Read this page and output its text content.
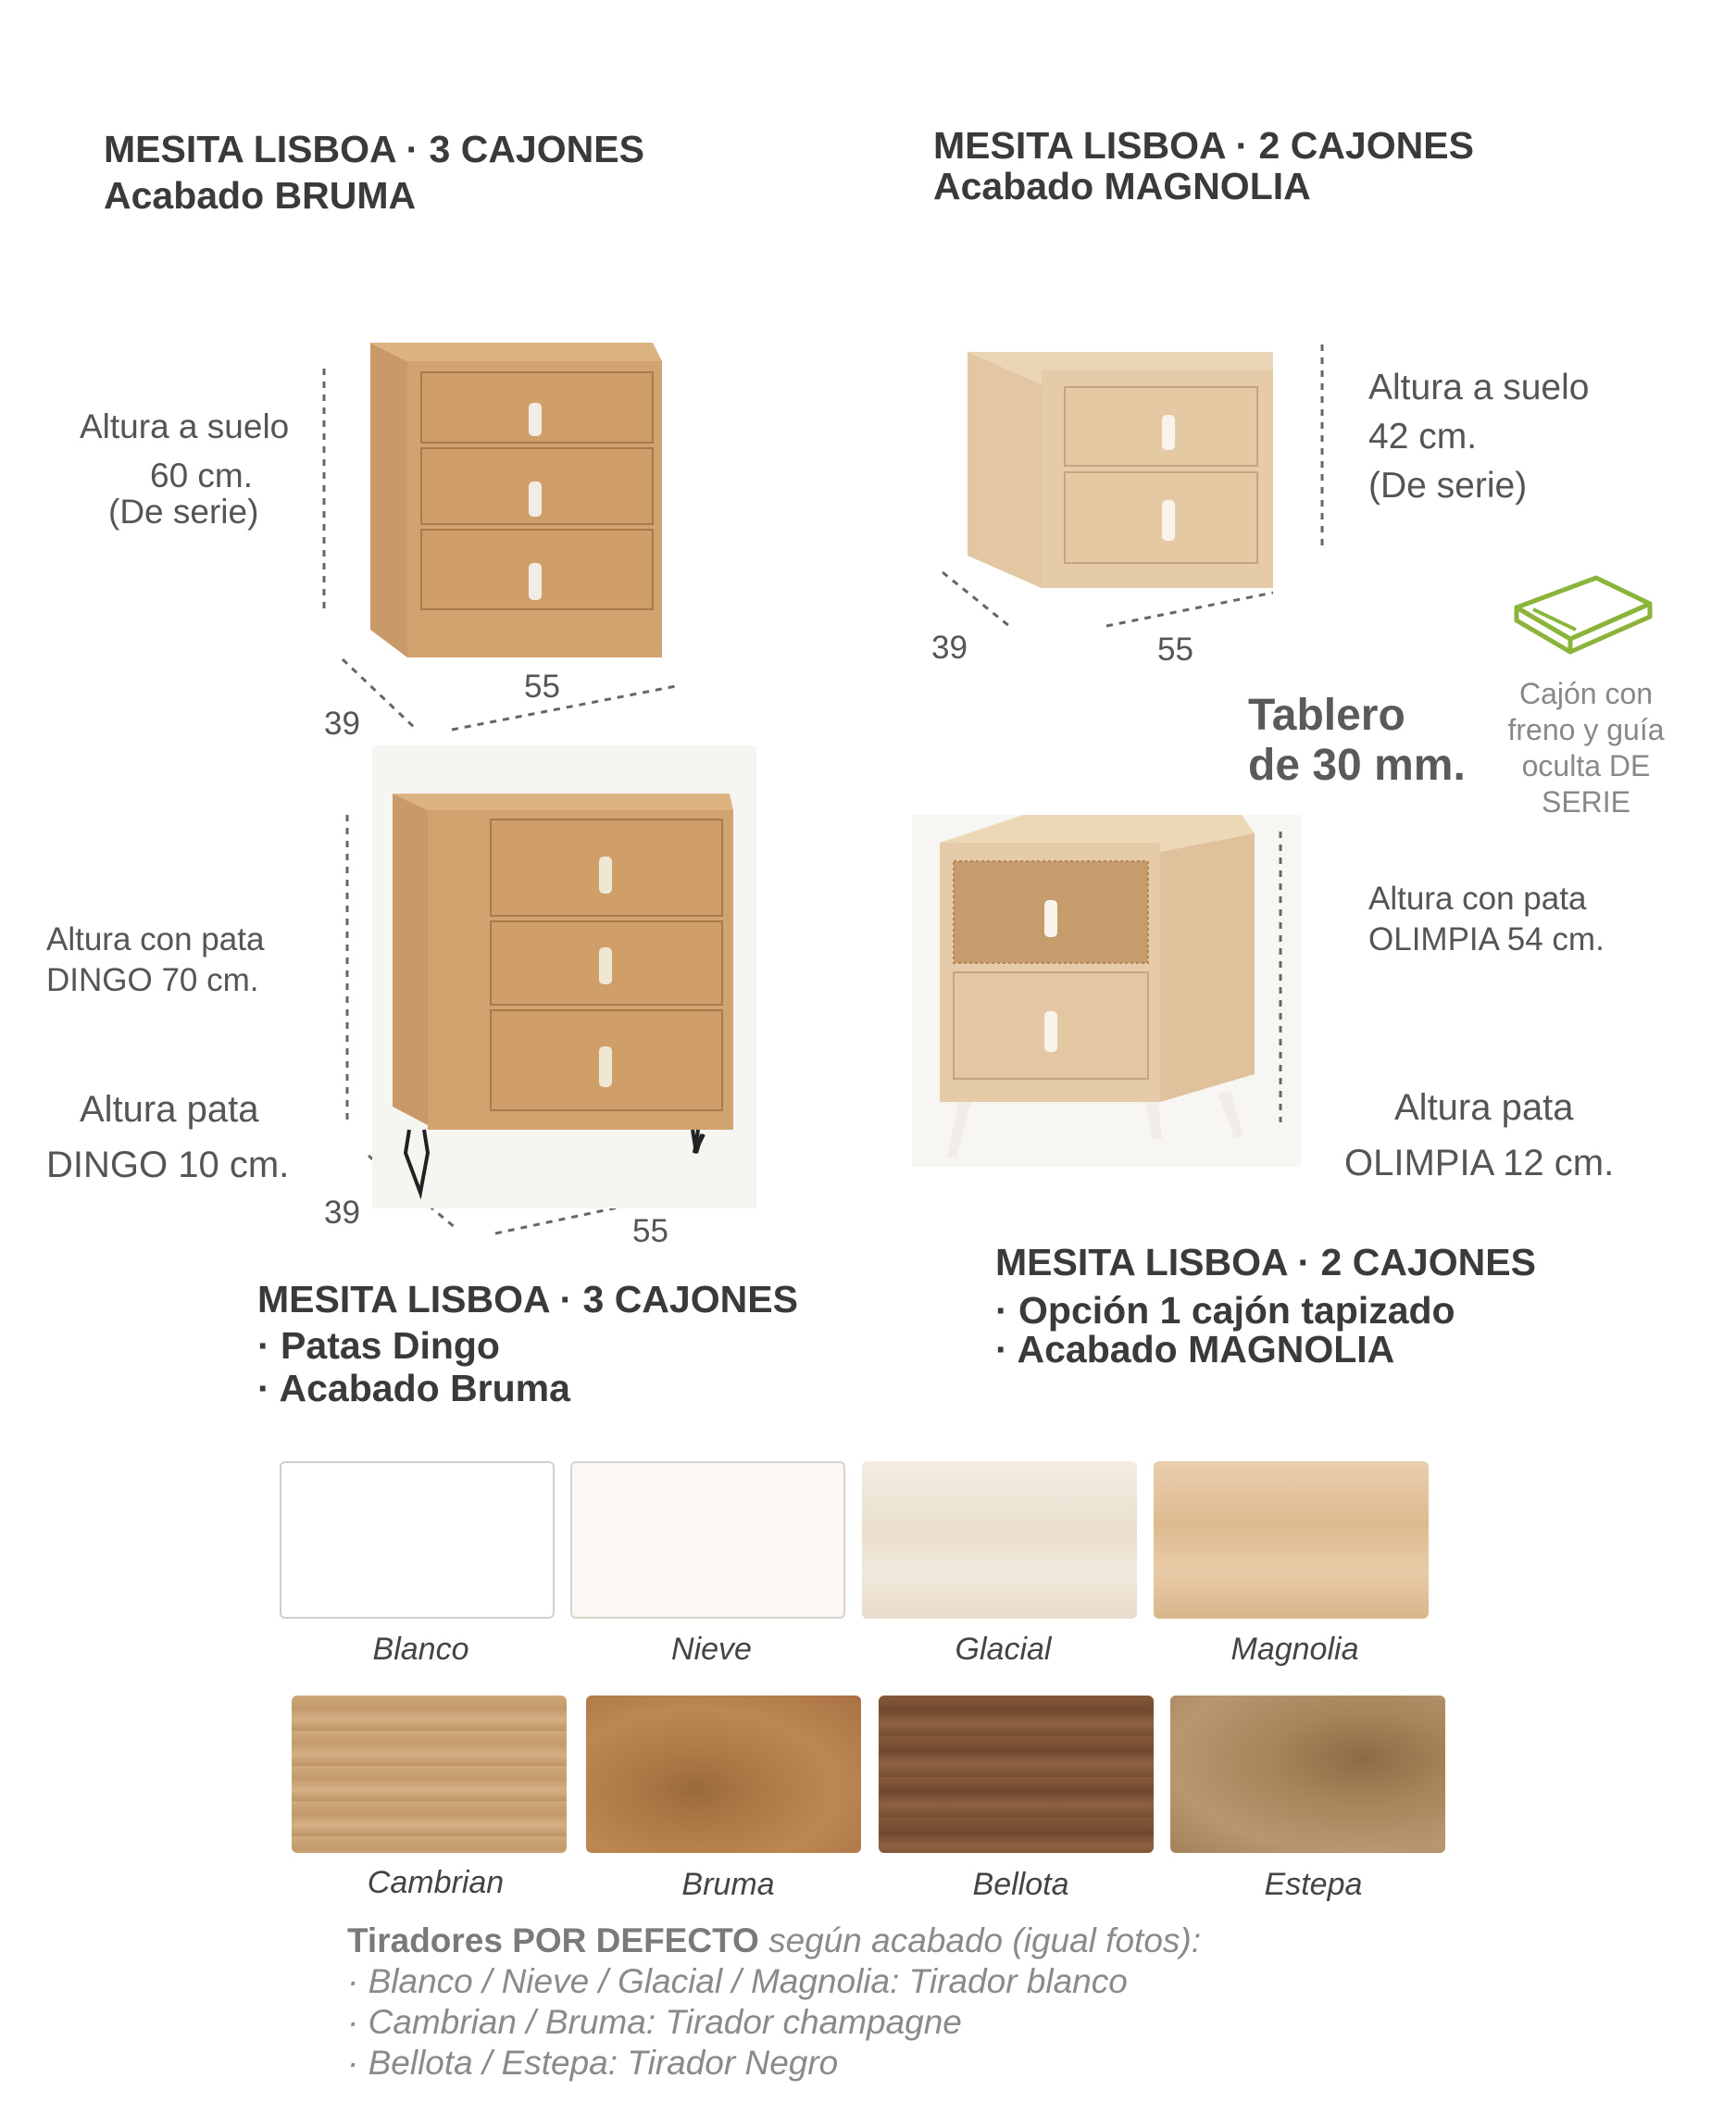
MESITA LISBOA · 3 CAJONES
Acabado BRUMA
Altura a suelo
60 cm.
(De serie)
55
39
MESITA LISBOA · 2 CAJONES
Acabado MAGNOLIA
Altura a suelo
42 cm.
(De serie)
39	55
Tablero
de 30 mm.
Cajón con
freno y guía
oculta DE
SERIE
Altura con pata
DINGO 70 cm.
Altura pata
DINGO 10 cm.
39
55
MESITA LISBOA · 3 CAJONES
· Patas Dingo
· Acabado Bruma
Altura con pata
OLIMPIA 54 cm.
Altura pata
OLIMPIA 12 cm.
MESITA LISBOA · 2 CAJONES
· Opción 1 cajón tapizado
· Acabado MAGNOLIA
Blanco	Nieve	Glacial	Magnolia
Cambrian	Bruma	Bellota	Estepa
Tiradores POR DEFECTO según acabado (igual fotos):
· Blanco / Nieve / Glacial / Magnolia: Tirador blanco
· Cambrian / Bruma: Tirador champagne
· Bellota / Estepa: Tirador Negro
